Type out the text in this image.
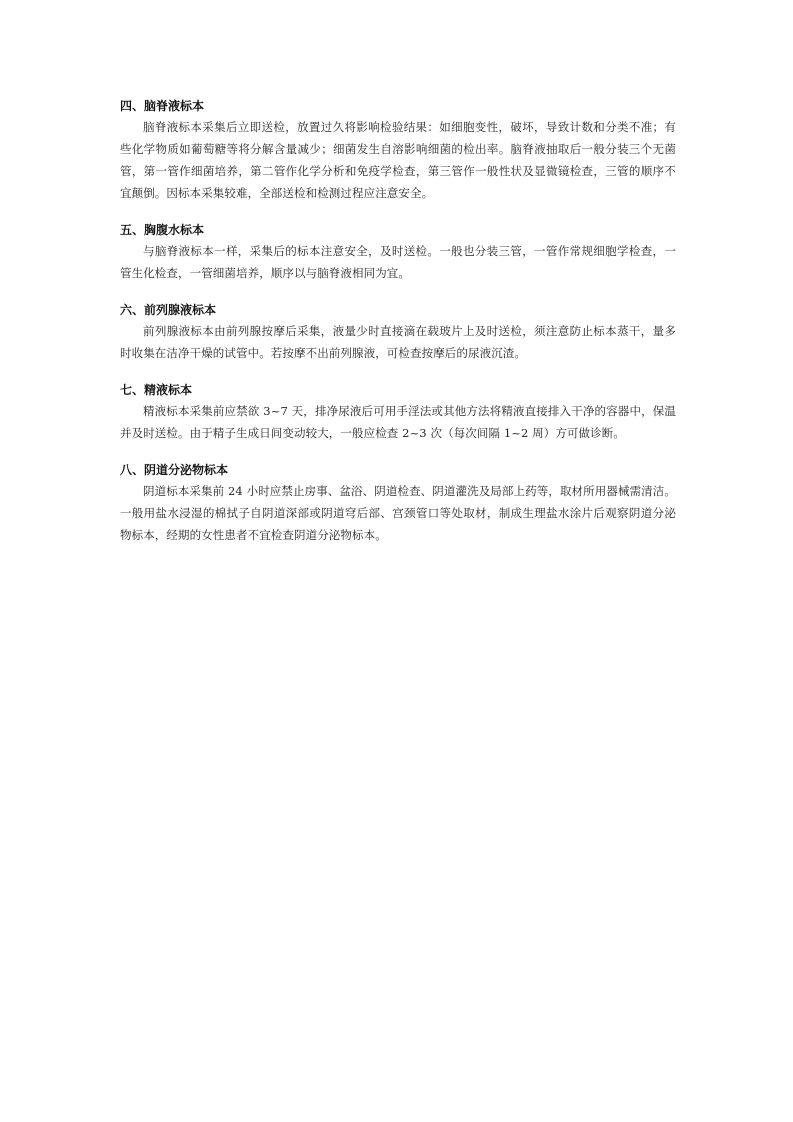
四、脑脊液标本

脑脊液标本采集后立即送检，放置过久将影响检验结果：如细胞变性，破坏，导致计数和分类不准；有些化学物质如葡萄糖等将分解含量减少；细菌发生自溶影响细菌的检出率。脑脊液抽取后一般分装三个无菌管，第一管作细菌培养，第二管作化学分析和免疫学检查，第三管作一般性状及显微镜检查，三管的顺序不宜颠倒。因标本采集较难，全部送检和检测过程应注意安全。

五、胸腹水标本

与脑脊液标本一样，采集后的标本注意安全，及时送检。一般也分装三管，一管作常规细胞学检查，一管生化检查，一管细菌培养，顺序以与脑脊液相同为宜。

六、前列腺液标本

前列腺液标本由前列腺按摩后采集，液量少时直接滴在载玻片上及时送检，须注意防止标本蒸干，量多时收集在洁净干燥的试管中。若按摩不出前列腺液，可检查按摩后的尿液沉渣。

七、精液标本

精液标本采集前应禁欲 3~7 天，排净尿液后可用手淫法或其他方法将精液直接排入干净的容器中，保温并及时送检。由于精子生成日间变动较大，一般应检查 2~3 次（每次间隔 1~2 周）方可做诊断。

八、阴道分泌物标本

阴道标本采集前 24 小时应禁止房事、盆浴、阴道检查、阴道灌洗及局部上药等，取材所用器械需清洁。一般用盐水浸湿的棉拭子自阴道深部或阴道穹后部、宫颈管口等处取材，制成生理盐水涂片后观察阴道分泌物标本，经期的女性患者不宜检查阴道分泌物标本。
